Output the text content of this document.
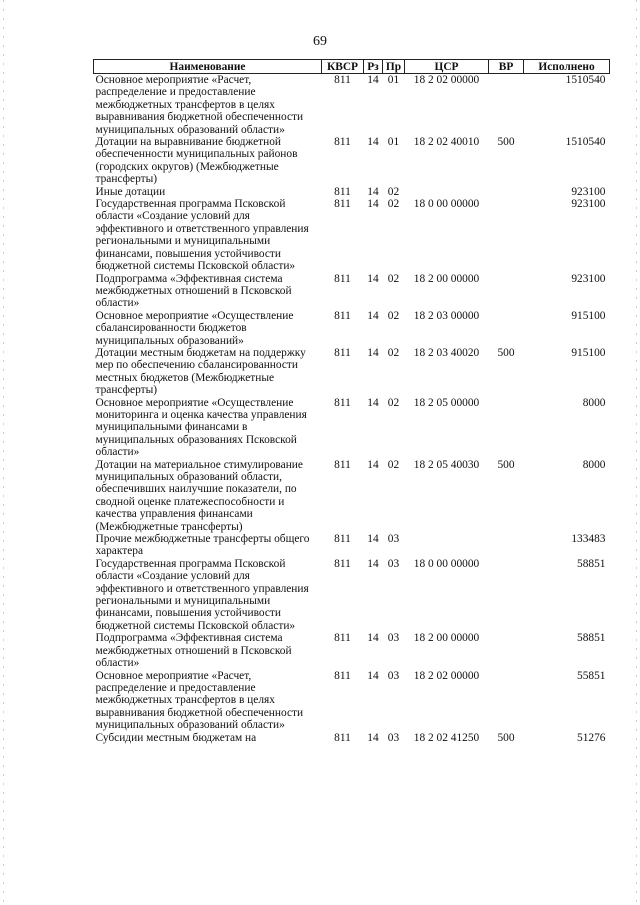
69
Наименование	КВСР	Рз	Пр	ЦСР	ВР	Исполнено
Основное мероприятие «Расчет, распределение и предоставление межбюджетных трансфертов в целях выравнивания бюджетной обеспеченности муниципальных образований области»	811	14	01	18 2 02 00000		1510540
Дотации на выравнивание бюджетной обеспеченности муниципальных районов (городских округов) (Межбюджетные трансферты)	811	14	01	18 2 02 40010	500	1510540
Иные дотации	811	14	02			923100
Государственная программа Псковской области «Создание условий для эффективного и ответственного управления региональными и муниципальными финансами, повышения устойчивости бюджетной системы Псковской области»	811	14	02	18 0 00 00000		923100
Подпрограмма «Эффективная система межбюджетных отношений в Псковской области»	811	14	02	18 2 00 00000		923100
Основное мероприятие «Осуществление сбалансированности бюджетов муниципальных образований»	811	14	02	18 2 03 00000		915100
Дотации местным бюджетам на поддержку мер по обеспечению сбалансированности местных бюджетов (Межбюджетные трансферты)	811	14	02	18 2 03 40020	500	915100
Основное мероприятие «Осуществление мониторинга и оценка качества управления муниципальными финансами в муниципальных образованиях Псковской области»	811	14	02	18 2 05 00000		8000
Дотации на материальное стимулирование муниципальных образований области, обеспечивших наилучшие показатели, по сводной оценке платежеспособности и качества управления финансами (Межбюджетные трансферты)	811	14	02	18 2 05 40030	500	8000
Прочие межбюджетные трансферты общего характера	811	14	03			133483
Государственная программа Псковской области «Создание условий для эффективного и ответственного управления региональными и муниципальными финансами, повышения устойчивости бюджетной системы Псковской области»	811	14	03	18 0 00 00000		58851
Подпрограмма «Эффективная система межбюджетных отношений в Псковской области»	811	14	03	18 2 00 00000		58851
Основное мероприятие «Расчет, распределение и предоставление межбюджетных трансфертов в целях выравнивания бюджетной обеспеченности муниципальных образований области»	811	14	03	18 2 02 00000		55851
Субсидии местным бюджетам на	811	14	03	18 2 02 41250	500	51276
